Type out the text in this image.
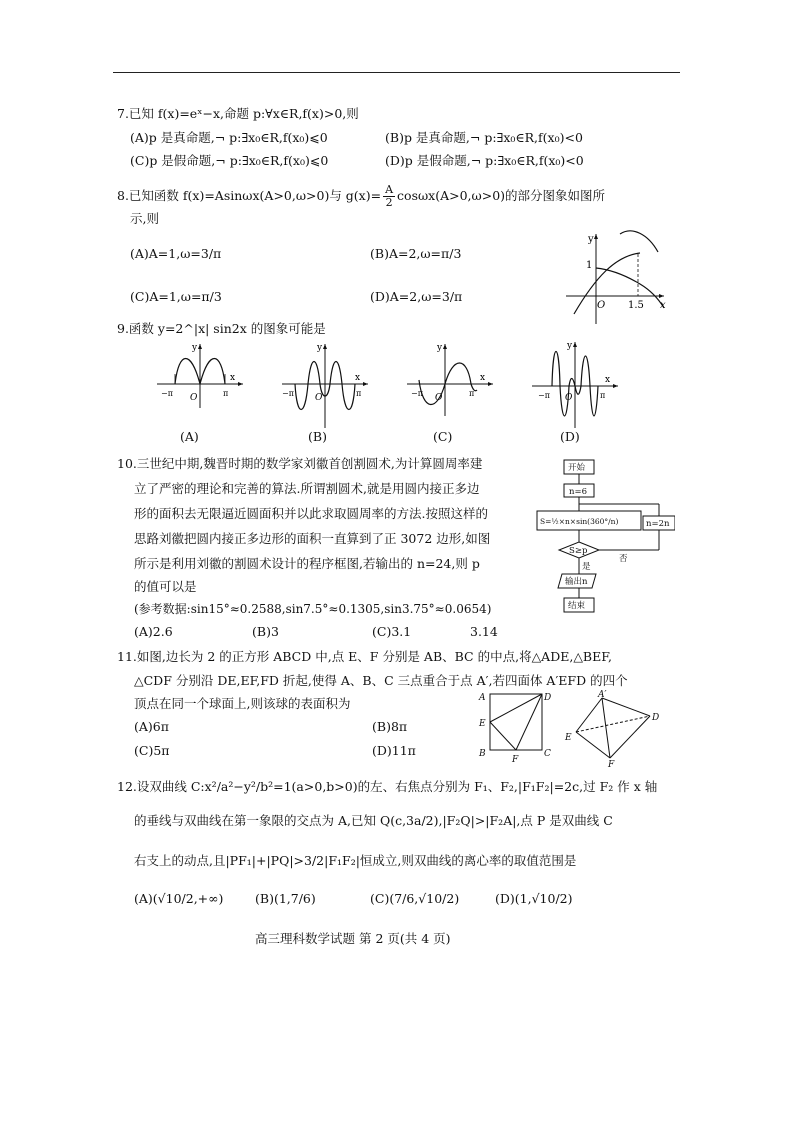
7.已知 f(x)=eˣ−x,命题 p:∀x∈R,f(x)>0,则
(A)p 是真命题,¬ p:∃x₀∈R,f(x₀)⩽0	(B)p 是真命题,¬ p:∃x₀∈R,f(x₀)<0
(C)p 是假命题,¬ p:∃x₀∈R,f(x₀)⩽0	(D)p 是假命题,¬ p:∃x₀∈R,f(x₀)<0
8.已知函数 f(x)=Asinωx(A>0,ω>0)与 $g(x)= \frac{A}{2} \cos\omega x(A>0,\omega>0)$的部分图象如图所
示,则
(A)A=1,ω=3/π	(B)A=2,ω=π/3
(C)A=1,ω=π/3	(D)A=2,ω=3/π
y
x
1
O 1.5
9.函数 y=2^|x| sin2x 的图象可能是
y
x
−π	π
O
y
x
−π	π
O
y
x
−π	π
O
y
x
−π	π
O
(A)	(B)	(C)	(D)
10.三世纪中期,魏晋时期的数学家刘徽首创割圆术,为计算圆周率建
立了严密的理论和完善的算法.所谓割圆术,就是用圆内接正多边
形的面积去无限逼近圆面积并以此求取圆周率的方法.按照这样的
思路刘徽把圆内接正多边形的面积一直算到了正 3072 边形,如图
所示是利用刘徽的割圆术设计的程序框图,若输出的 n=24,则 p
的值可以是
(参考数据:sin15°≈0.2588,sin7.5°≈0.1305,sin3.75°≈0.0654)
(A)2.6	(B)3	(C)3.1	3.14
开始
n=6
S=½×n×sin(360°/n)
S≥p
否
n=2n
是
输出n
结束
11.如图,边长为 2 的正方形 ABCD 中,点 E、F 分别是 AB、BC 的中点,将△ADE,△BEF,
△CDF 分别沿 DE,EF,FD 折起,使得 A、B、C 三点重合于点 A′,若四面体 A′EFD 的四个
顶点在同一个球面上,则该球的表面积为
(A)6π	(B)8π
(C)5π	(D)11π
A	D
E
B	C
F
A′
D
E
F
12.设双曲线 C:x²/a²−y²/b²=1(a>0,b>0)的左、右焦点分别为 F₁、F₂,|F₁F₂|=2c,过 F₂ 作 x 轴
的垂线与双曲线在第一象限的交点为 A,已知 Q(c,3a/2),|F₂Q|>|F₂A|,点 P 是双曲线 C
右支上的动点,且|PF₁|+|PQ|>3/2|F₁F₂|恒成立,则双曲线的离心率的取值范围是
(A)(√10/2,+∞)	(B)(1,7/6)	(C)(7/6,√10/2)	(D)(1,√10/2)
高三理科数学试题 第 2 页(共 4 页)
